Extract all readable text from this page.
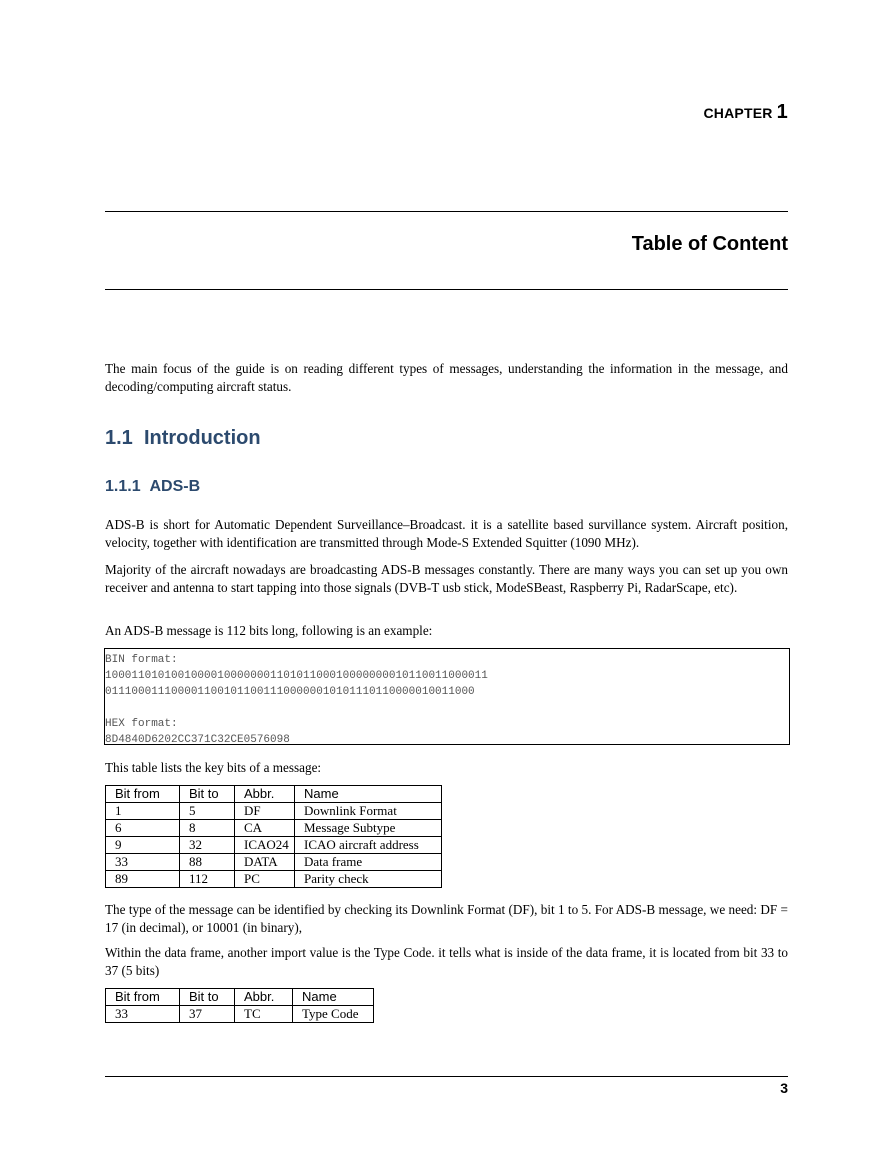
CHAPTER 1
Table of Content
The main focus of the guide is on reading different types of messages, understanding the information in the message, and decoding/computing aircraft status.
1.1 Introduction
1.1.1 ADS-B
ADS-B is short for Automatic Dependent Surveillance–Broadcast. it is a satellite based survillance system. Aircraft position, velocity, together with identification are transmitted through Mode-S Extended Squitter (1090 MHz).
Majority of the aircraft nowadays are broadcasting ADS-B messages constantly. There are many ways you can set up you own receiver and antenna to start tapping into those signals (DVB-T usb stick, ModeSBeast, Raspberry Pi, RadarScape, etc).
An ADS-B message is 112 bits long, following is an example:
BIN format:
1000110101001000010000000110101100010000000010110011000011
01110001110000110010110011100000010101110110000010011000
HEX format:
8D4840D6202CC371C32CE0576098
This table lists the key bits of a message:
Bit from	Bit to	Abbr.	Name
1	5	DF	Downlink Format
6	8	CA	Message Subtype
9	32	ICAO24	ICAO aircraft address
33	88	DATA	Data frame
89	112	PC	Parity check
The type of the message can be identified by checking its Downlink Format (DF), bit 1 to 5. For ADS-B message, we need: DF = 17 (in decimal), or 10001 (in binary),
Within the data frame, another import value is the Type Code. it tells what is inside of the data frame, it is located from bit 33 to 37 (5 bits)
Bit from	Bit to	Abbr.	Name
33	37	TC	Type Code
3
